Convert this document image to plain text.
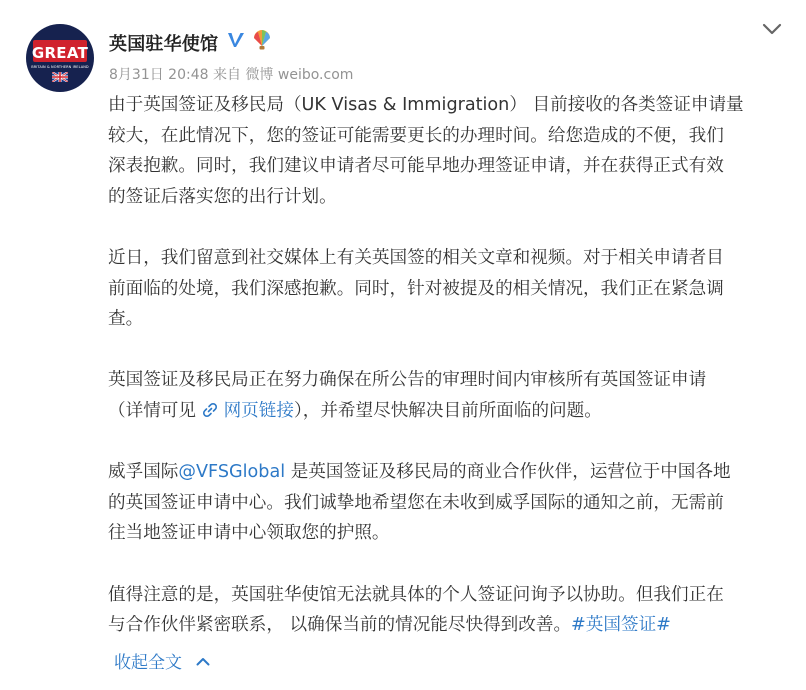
GREAT
BRITAIN & NORTHERN IRELAND
英国驻华使馆
8月31日 20:48 来自 微博 weibo.com
由于英国签证及移民局（UK Visas & Immigration） 目前接收的各类签证申请量
较大，在此情况下，您的签证可能需要更长的办理时间。给您造成的不便，我们
深表抱歉。同时，我们建议申请者尽可能早地办理签证申请，并在获得正式有效
的签证后落实您的出行计划。
近日，我们留意到社交媒体上有关英国签的相关文章和视频。对于相关申请者目
前面临的处境，我们深感抱歉。同时，针对被提及的相关情况，我们正在紧急调
查。
英国签证及移民局正在努力确保在所公告的审理时间内审核所有英国签证申请
（详情可见 网页链接），并希望尽快解决目前所面临的问题。
威孚国际@VFSGlobal 是英国签证及移民局的商业合作伙伴，运营位于中国各地
的英国签证申请中心。我们诚挚地希望您在未收到威孚国际的通知之前，无需前
往当地签证申请中心领取您的护照。
值得注意的是，英国驻华使馆无法就具体的个人签证问询予以协助。但我们正在
与合作伙伴紧密联系， 以确保当前的情况能尽快得到改善。#英国签证#
收起全文
